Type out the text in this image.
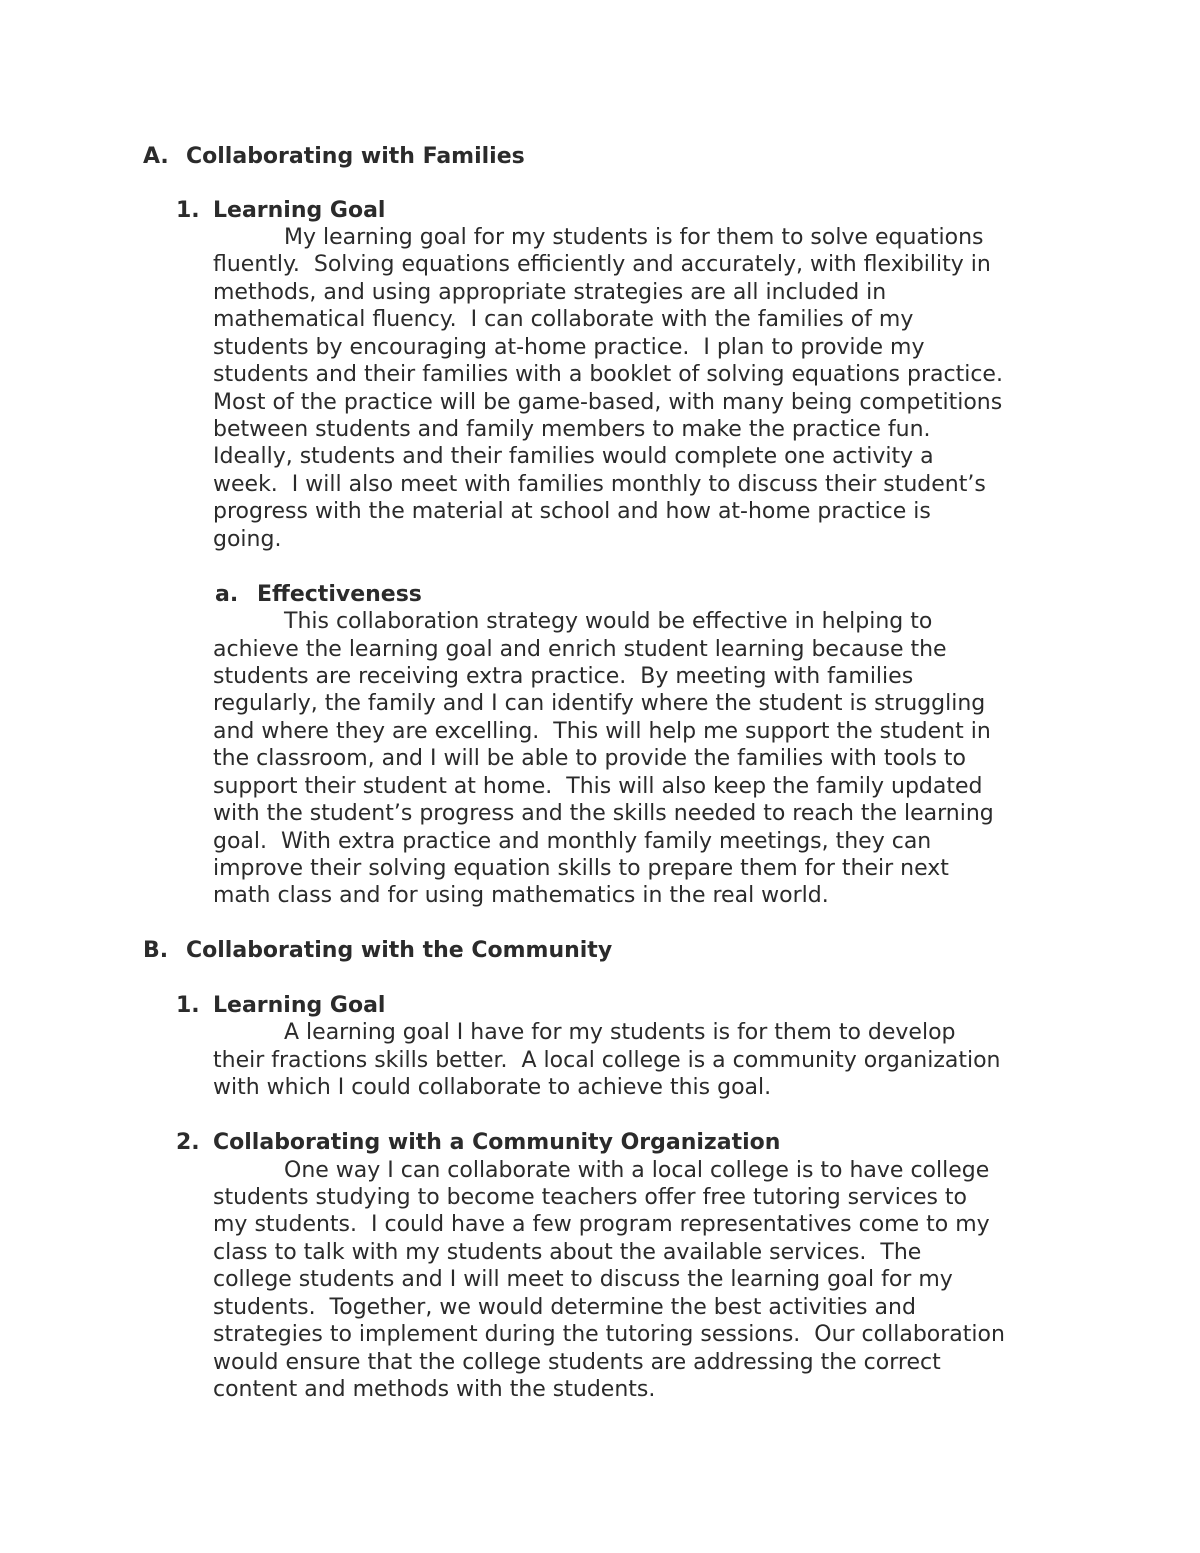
A. Collaborating with Families
1. Learning Goal
My learning goal for my students is for them to solve equations
fluently.  Solving equations efficiently and accurately, with flexibility in
methods, and using appropriate strategies are all included in
mathematical fluency.  I can collaborate with the families of my
students by encouraging at-home practice.  I plan to provide my
students and their families with a booklet of solving equations practice.
Most of the practice will be game-based, with many being competitions
between students and family members to make the practice fun.
Ideally, students and their families would complete one activity a
week.  I will also meet with families monthly to discuss their student’s
progress with the material at school and how at-home practice is
going.
a. Effectiveness
This collaboration strategy would be effective in helping to
achieve the learning goal and enrich student learning because the
students are receiving extra practice.  By meeting with families
regularly, the family and I can identify where the student is struggling
and where they are excelling.  This will help me support the student in
the classroom, and I will be able to provide the families with tools to
support their student at home.  This will also keep the family updated
with the student’s progress and the skills needed to reach the learning
goal.  With extra practice and monthly family meetings, they can
improve their solving equation skills to prepare them for their next
math class and for using mathematics in the real world.
B. Collaborating with the Community
1. Learning Goal
A learning goal I have for my students is for them to develop
their fractions skills better.  A local college is a community organization
with which I could collaborate to achieve this goal.
2. Collaborating with a Community Organization
One way I can collaborate with a local college is to have college
students studying to become teachers offer free tutoring services to
my students.  I could have a few program representatives come to my
class to talk with my students about the available services.  The
college students and I will meet to discuss the learning goal for my
students.  Together, we would determine the best activities and
strategies to implement during the tutoring sessions.  Our collaboration
would ensure that the college students are addressing the correct
content and methods with the students.
